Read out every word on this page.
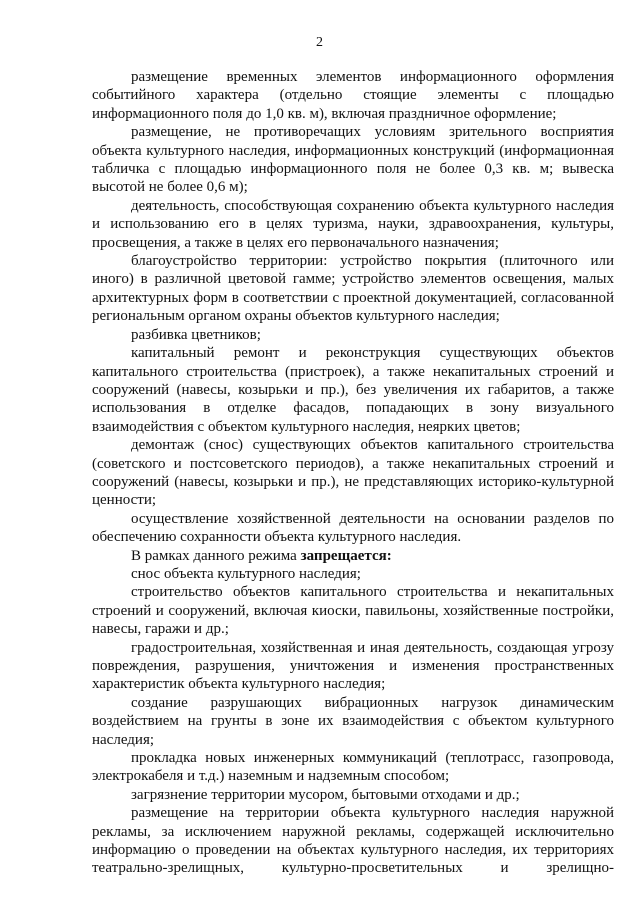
2

размещение временных элементов информационного оформления событийного характера (отдельно стоящие элементы с площадью информационного поля до 1,0 кв. м), включая праздничное оформление;

размещение, не противоречащих условиям зрительного восприятия объекта культурного наследия, информационных конструкций (информационная табличка с площадью информационного поля не более 0,3 кв. м; вывеска высотой не более 0,6 м);

деятельность, способствующая сохранению объекта культурного наследия и использованию его в целях туризма, науки, здравоохранения, культуры, просвещения, а также в целях его первоначального назначения;

благоустройство территории: устройство покрытия (плиточного или иного) в различной цветовой гамме; устройство элементов освещения, малых архитектурных форм в соответствии с проектной документацией, согласованной региональным органом охраны объектов культурного наследия;

разбивка цветников;

капитальный ремонт и реконструкция существующих объектов капитального строительства (пристроек), а также некапитальных строений и сооружений (навесы, козырьки и пр.), без увеличения их габаритов, а также использования в отделке фасадов, попадающих в зону визуального взаимодействия с объектом культурного наследия, неярких цветов;

демонтаж (снос) существующих объектов капитального строительства (советского и постсоветского периодов), а также некапитальных строений и сооружений (навесы, козырьки и пр.), не представляющих историко-культурной ценности;

осуществление хозяйственной деятельности на основании разделов по обеспечению сохранности объекта культурного наследия.

В рамках данного режима запрещается:

снос объекта культурного наследия;

строительство объектов капитального строительства и некапитальных строений и сооружений, включая киоски, павильоны, хозяйственные постройки, навесы, гаражи и др.;

градостроительная, хозяйственная и иная деятельность, создающая угрозу повреждения, разрушения, уничтожения и изменения пространственных характеристик объекта культурного наследия;

создание разрушающих вибрационных нагрузок динамическим воздействием на грунты в зоне их взаимодействия с объектом культурного наследия;

прокладка новых инженерных коммуникаций (теплотрасс, газопровода, электрокабеля и т.д.) наземным и надземным способом;

загрязнение территории мусором, бытовыми отходами и др.;

размещение на территории объекта культурного наследия наружной рекламы, за исключением наружной рекламы, содержащей исключительно информацию о проведении на объектах культурного наследия, их территориях театрально-зрелищных, культурно-просветительных и зрелищно-
